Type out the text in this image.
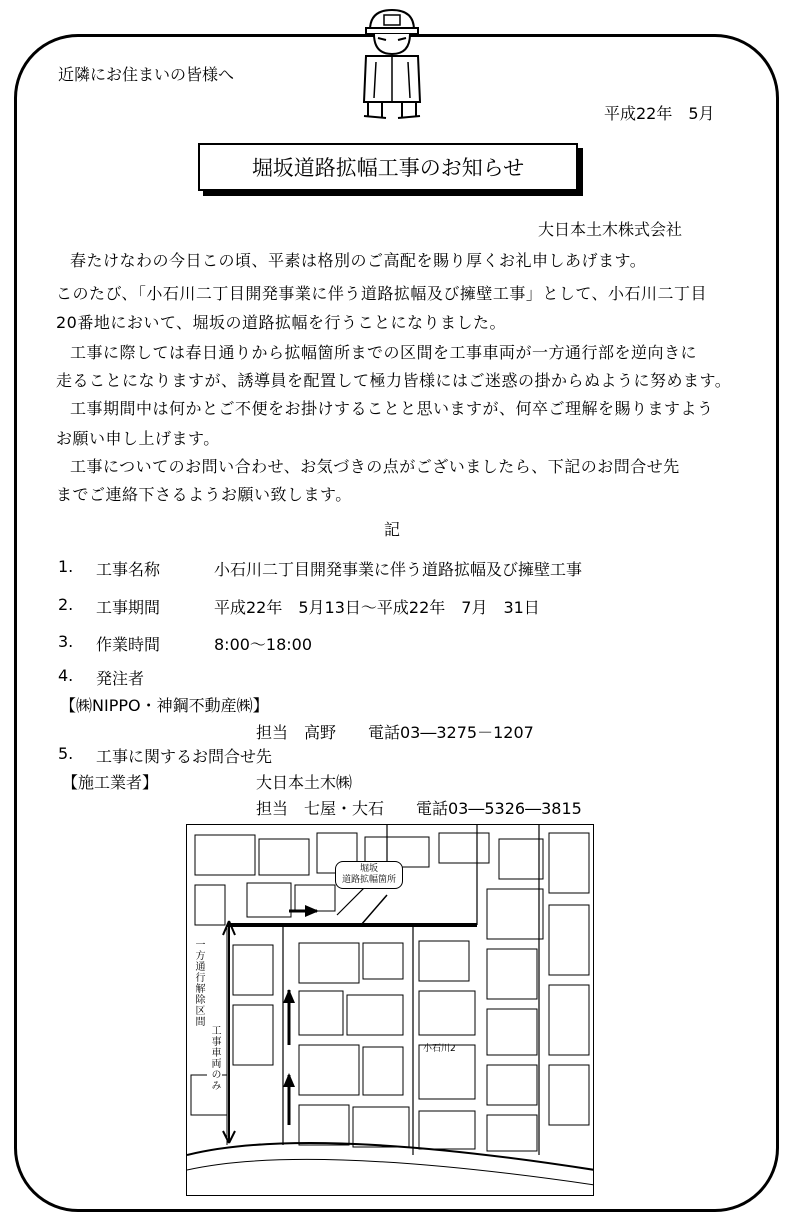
近隣にお住まいの皆様へ
平成22年　5月
堀坂道路拡幅工事のお知らせ
大日本土木株式会社
春たけなわの今日この頃、平素は格別のご高配を賜り厚くお礼申しあげます。
このたび、「小石川二丁目開発事業に伴う道路拡幅及び擁壁工事」として、小石川二丁目
20番地において、堀坂の道路拡幅を行うことになりました。
工事に際しては春日通りから拡幅箇所までの区間を工事車両が一方通行部を逆向きに
走ることになりますが、誘導員を配置して極力皆様にはご迷惑の掛からぬように努めます。
工事期間中は何かとご不便をお掛けすることと思いますが、何卒ご理解を賜りますよう
お願い申し上げます。
工事についてのお問い合わせ、お気づきの点がございましたら、下記のお問合せ先
までご連絡下さるようお願い致します。
記
1. 工事名称	小石川二丁目開発事業に伴う道路拡幅及び擁壁工事
2. 工事期間	平成22年　5月13日～平成22年　7月　31日
3. 作業時間	8:00～18:00
4. 発注者
【㈱NIPPO・神鋼不動産㈱】
担当　高野　　電話03―3275－1207
5. 工事に関するお問合せ先
【施工業者】	大日本土木㈱
担当　七屋・大石　　電話03―5326―3815
堀坂
道路拡幅箇所
一方通行解除区間
工事車両のみ	小石川2
